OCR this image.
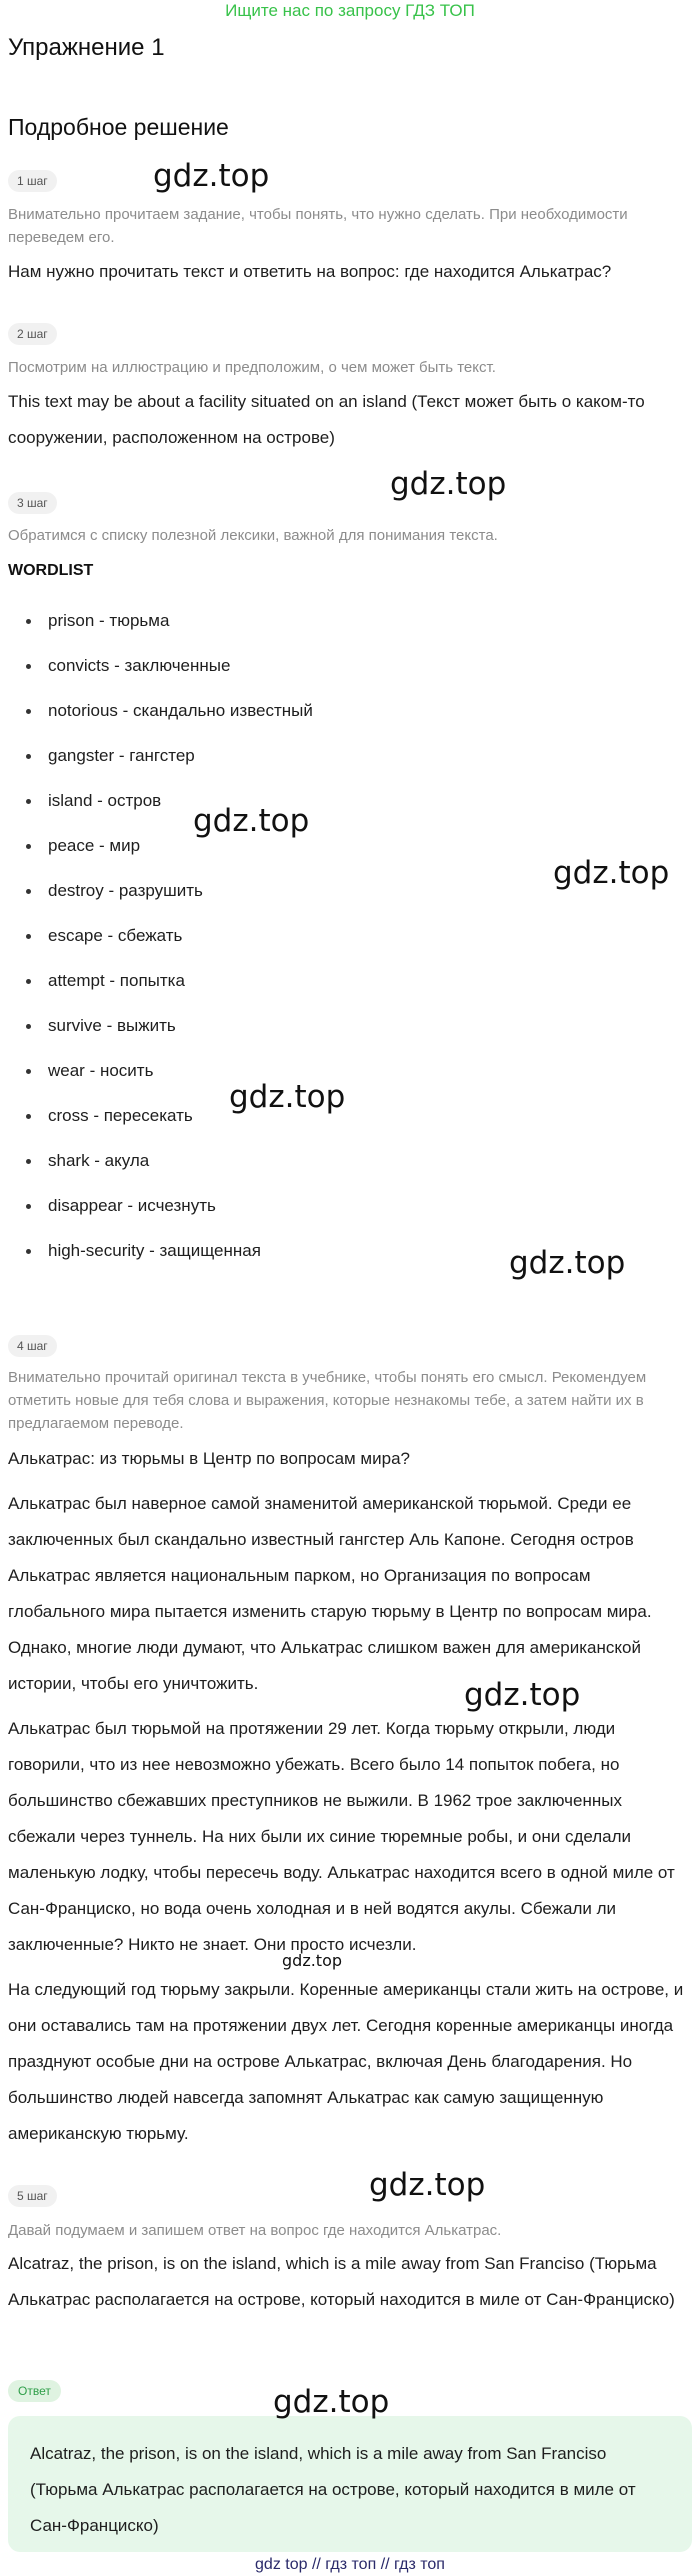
Ищите нас по запросу ГДЗ ТОП
Упражнение 1
Подробное решение
1 шаг
Внимательно прочитаем задание, чтобы понять, что нужно сделать. При необходимости переведем его.
Нам нужно прочитать текст и ответить на вопрос: где находится Алькатрас?
2 шаг
Посмотрим на иллюстрацию и предположим, о чем может быть текст.
This text may be about a facility situated on an island (Текст может быть о каком-то сооружении, расположенном на острове)
3 шаг
Обратимся с списку полезной лексики, важной для понимания текста.
WORDLIST
prison - тюрьма
convicts - заключенные
notorious - скандально известный
gangster - гангстер
island - остров
peace - мир
destroy - разрушить
escape - сбежать
attempt - попытка
survive - выжить
wear - носить
cross - пересекать
shark - акула
disappear - исчезнуть
high-security - защищенная
4 шаг
Внимательно прочитай оригинал текста в учебнике, чтобы понять его смысл. Рекомендуем отметить новые для тебя слова и выражения, которые незнакомы тебе, а затем найти их в предлагаемом переводе.
Алькатрас: из тюрьмы в Центр по вопросам мира?
Алькатрас был наверное самой знаменитой американской тюрьмой. Среди ее заключенных был скандально известный гангстер Аль Капоне. Сегодня остров Алькатрас является национальным парком, но Организация по вопросам глобального мира пытается изменить старую тюрьму в Центр по вопросам мира. Однако, многие люди думают, что Алькатрас слишком важен для американской истории, чтобы его уничтожить.
Алькатрас был тюрьмой на протяжении 29 лет. Когда тюрьму открыли, люди говорили, что из нее невозможно убежать. Всего было 14 попыток побега, но большинство сбежавших преступников не выжили. В 1962 трое заключенных сбежали через туннель. На них были их синие тюремные робы, и они сделали маленькую лодку, чтобы пересечь воду. Алькатрас находится всего в одной миле от Сан-Франциско, но вода очень холодная и в ней водятся акулы. Сбежали ли заключенные? Никто не знает. Они просто исчезли.
На следующий год тюрьму закрыли. Коренные американцы стали жить на острове, и они оставались там на протяжении двух лет. Сегодня коренные американцы иногда празднуют особые дни на острове Алькатрас, включая День благодарения. Но большинство людей навсегда запомнят Алькатрас как самую защищенную американскую тюрьму.
5 шаг
Давай подумаем и запишем ответ на вопрос где находится Алькатрас.
Alcatraz, the prison, is on the island, which is a mile away from San Franciso (Тюрьма Алькатрас располагается на острове, который находится в миле от Сан-Франциско)
Ответ
Alcatraz, the prison, is on the island, which is a mile away from San Franciso (Тюрьма Алькатрас располагается на острове, который находится в миле от Сан-Франциско)
gdz.top
gdz.top
gdz.top
gdz.top
gdz.top
gdz.top
gdz.top
gdz.top
gdz.top
gdz.top
gdz top // гдз топ // гдз топ
